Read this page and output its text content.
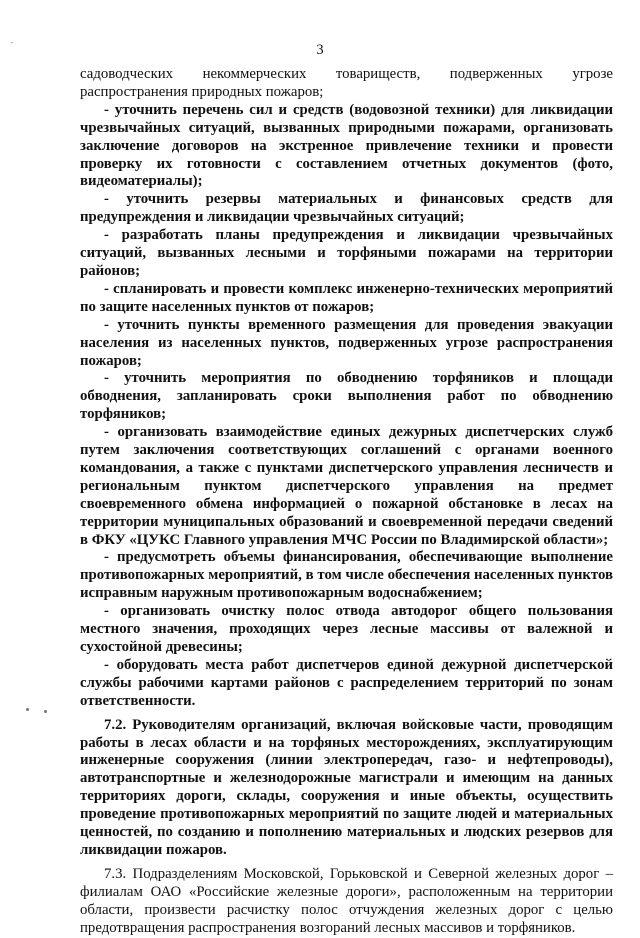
-	3

садоводческих некоммерческих товариществ, подверженных угрозе распространения природных пожаров;

- уточнить перечень сил и средств (водовозной техники) для ликвидации чрезвычайных ситуаций, вызванных природными пожарами, организовать заключение договоров на экстренное привлечение техники и провести проверку их готовности с составлением отчетных документов (фото, видеоматериалы);

- уточнить резервы материальных и финансовых средств для предупреждения и ликвидации чрезвычайных ситуаций;

- разработать планы предупреждения и ликвидации чрезвычайных ситуаций, вызванных лесными и торфяными пожарами на территории районов;

- спланировать и провести комплекс инженерно-технических мероприятий по защите населенных пунктов от пожаров;

- уточнить пункты временного размещения для проведения эвакуации населения из населенных пунктов, подверженных угрозе распространения пожаров;

- уточнить мероприятия по обводнению торфяников и площади обводнения, запланировать сроки выполнения работ по обводнению торфяников;

- организовать взаимодействие единых дежурных диспетчерских служб путем заключения соответствующих соглашений с органами военного командования, а также с пунктами диспетчерского управления лесничеств и региональным пунктом диспетчерского управления на предмет своевременного обмена информацией о пожарной обстановке в лесах на территории муниципальных образований и своевременной передачи сведений в ФКУ «ЦУКС Главного управления МЧС России по Владимирской области»;

- предусмотреть объемы финансирования, обеспечивающие выполнение противопожарных мероприятий, в том числе обеспечения населенных пунктов исправным наружным противопожарным водоснабжением;

- организовать очистку полос отвода автодорог общего пользования местного значения, проходящих через лесные массивы от валежной и сухостойной древесины;

- оборудовать места работ диспетчеров единой дежурной диспетчерской службы рабочими картами районов с распределением территорий по зонам ответственности.

7.2. Руководителям организаций, включая войсковые части, проводящим работы в лесах области и на торфяных месторождениях, эксплуатирующим инженерные сооружения (линии электропередач, газо- и нефтепроводы), автотранспортные и железнодорожные магистрали и имеющим на данных территориях дороги, склады, сооружения и иные объекты, осуществить проведение противопожарных мероприятий по защите людей и материальных ценностей, по созданию и пополнению материальных и людских резервов для ликвидации пожаров.

7.3. Подразделениям Московской, Горьковской и Северной железных дорог – филиалам ОАО «Российские железные дороги», расположенным на территории области, произвести расчистку полос отчуждения железных дорог с целью предотвращения распространения возгораний лесных массивов и торфяников.
